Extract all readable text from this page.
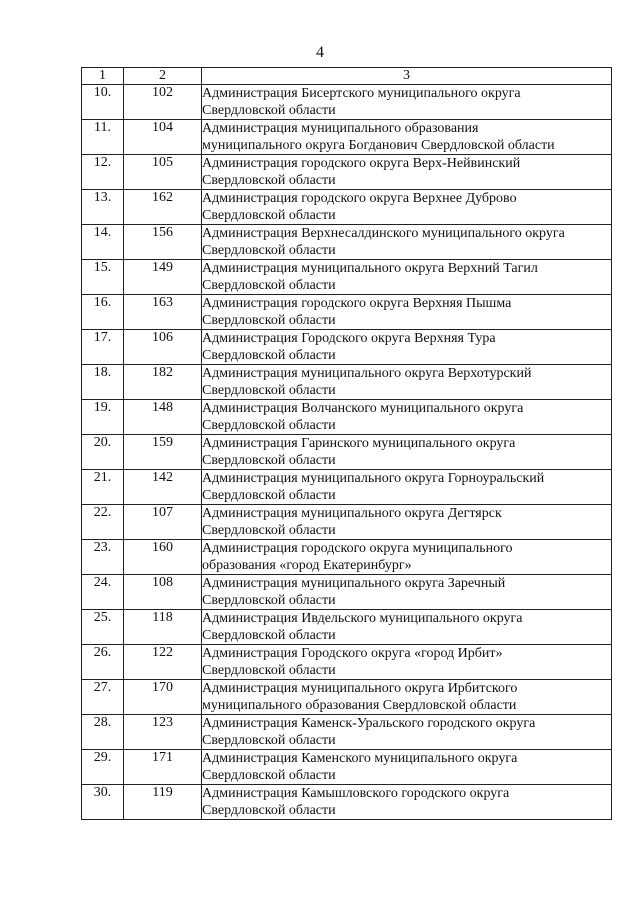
4
1	2	3
10.	102	Администрация Бисертского муниципального округа
Свердловской области

11.	104	Администрация муниципального образования
муниципального округа Богданович Свердловской области

12.	105	Администрация городского округа Верх-Нейвинский
Свердловской области

13.	162	Администрация городского округа Верхнее Дуброво
Свердловской области

14.	156	Администрация Верхнесалдинского муниципального округа
Свердловской области

15.	149	Администрация муниципального округа Верхний Тагил
Свердловской области

16.	163	Администрация городского округа Верхняя Пышма
Свердловской области

17.	106	Администрация Городского округа Верхняя Тура
Свердловской области

18.	182	Администрация муниципального округа Верхотурский
Свердловской области

19.	148	Администрация Волчанского муниципального округа
Свердловской области

20.	159	Администрация Гаринского муниципального округа
Свердловской области

21.	142	Администрация муниципального округа Горноуральский
Свердловской области

22.	107	Администрация муниципального округа Дегтярск
Свердловской области

23.	160	Администрация городского округа муниципального
образования «город Екатеринбург»

24.	108	Администрация муниципального округа Заречный
Свердловской области

25.	118	Администрация Ивдельского муниципального округа
Свердловской области

26.	122	Администрация Городского округа «город Ирбит»
Свердловской области

27.	170	Администрация муниципального округа Ирбитского
муниципального образования Свердловской области

28.	123	Администрация Каменск-Уральского городского округа
Свердловской области

29.	171	Администрация Каменского муниципального округа
Свердловской области

30.	119	Администрация Камышловского городского округа
Свердловской области
